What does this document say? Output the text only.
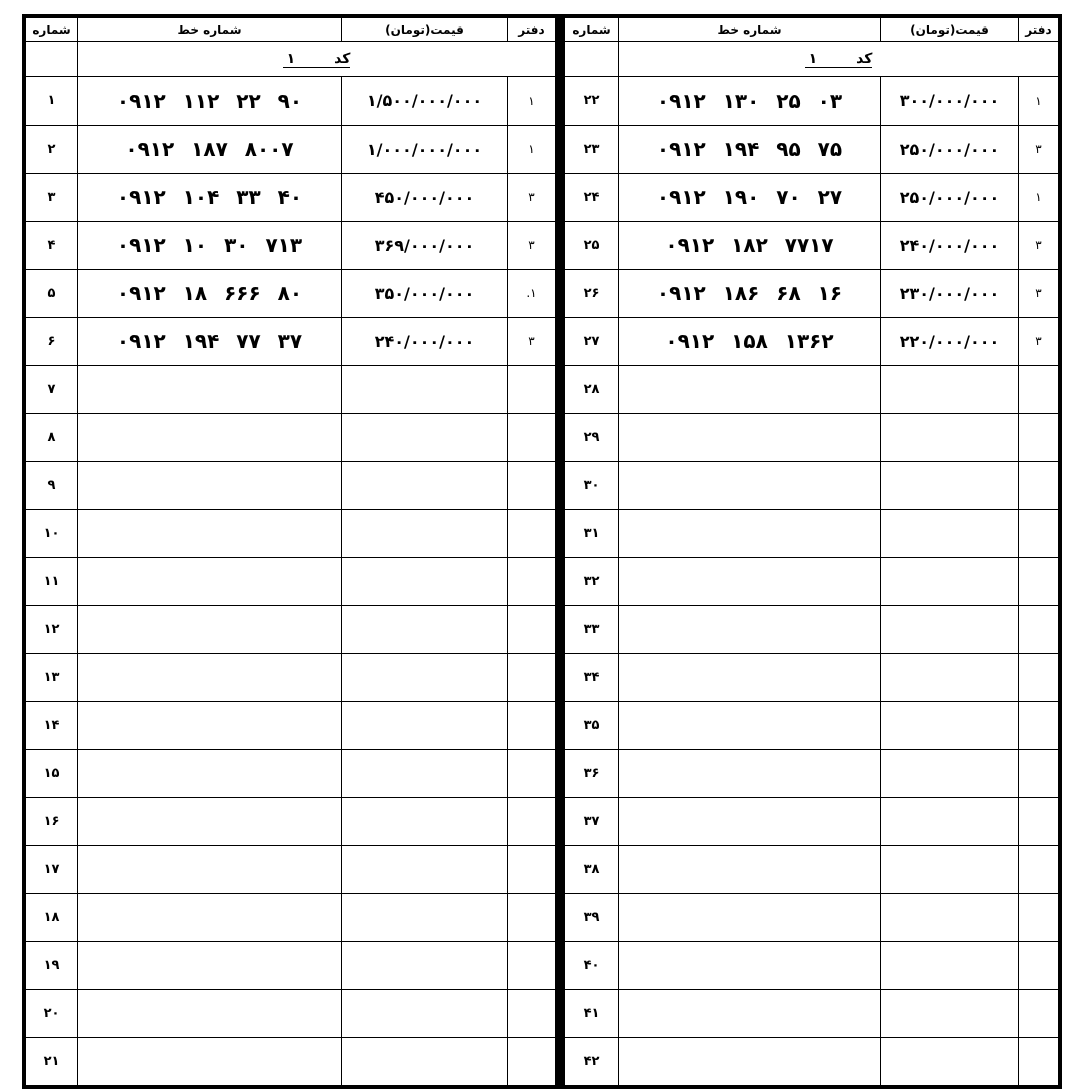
شماره	شماره خط	قیمت(تومان)	دفتر
	کد        ۱		
۱	۰۹۱۲ ۱۱۲ ۲۲ ۹۰	۱/۵۰۰/۰۰۰/۰۰۰	۱
۲	۰۹۱۲ ۱۸۷ ۸۰۰۷	۱/۰۰۰/۰۰۰/۰۰۰	۱
۳	۰۹۱۲ ۱۰۴ ۳۳ ۴۰	۴۵۰/۰۰۰/۰۰۰	۳
۴	۰۹۱۲ ۱۰ ۳۰ ۷۱۳	۳۶۹/۰۰۰/۰۰۰	۳
۵	۰۹۱۲ ۱۸ ۶۶۶ ۸۰	۳۵۰/۰۰۰/۰۰۰	.۱
۶	۰۹۱۲ ۱۹۴ ۷۷ ۳۷	۲۴۰/۰۰۰/۰۰۰	۳
۷			
۸			
۹			
۱۰			
۱۱			
۱۲			
۱۳			
۱۴			
۱۵			
۱۶			
۱۷			
۱۸			
۱۹			
۲۰			
۲۱			
شماره	شماره خط	قیمت(تومان)	دفتر
	کد        ۱		
۲۲	۰۹۱۲ ۱۳۰ ۲۵ ۰۳	۳۰۰/۰۰۰/۰۰۰	۱
۲۳	۰۹۱۲ ۱۹۴ ۹۵ ۷۵	۲۵۰/۰۰۰/۰۰۰	۳
۲۴	۰۹۱۲ ۱۹۰ ۷۰ ۲۷	۲۵۰/۰۰۰/۰۰۰	۱
۲۵	۰۹۱۲ ۱۸۲ ۷۷۱۷	۲۴۰/۰۰۰/۰۰۰	۳
۲۶	۰۹۱۲ ۱۸۶ ۶۸ ۱۶	۲۳۰/۰۰۰/۰۰۰	۳
۲۷	۰۹۱۲ ۱۵۸ ۱۳۶۲	۲۲۰/۰۰۰/۰۰۰	۳
۲۸			
۲۹			
۳۰			
۳۱			
۳۲			
۳۳			
۳۴			
۳۵			
۳۶			
۳۷			
۳۸			
۳۹			
۴۰			
۴۱			
۴۲			
